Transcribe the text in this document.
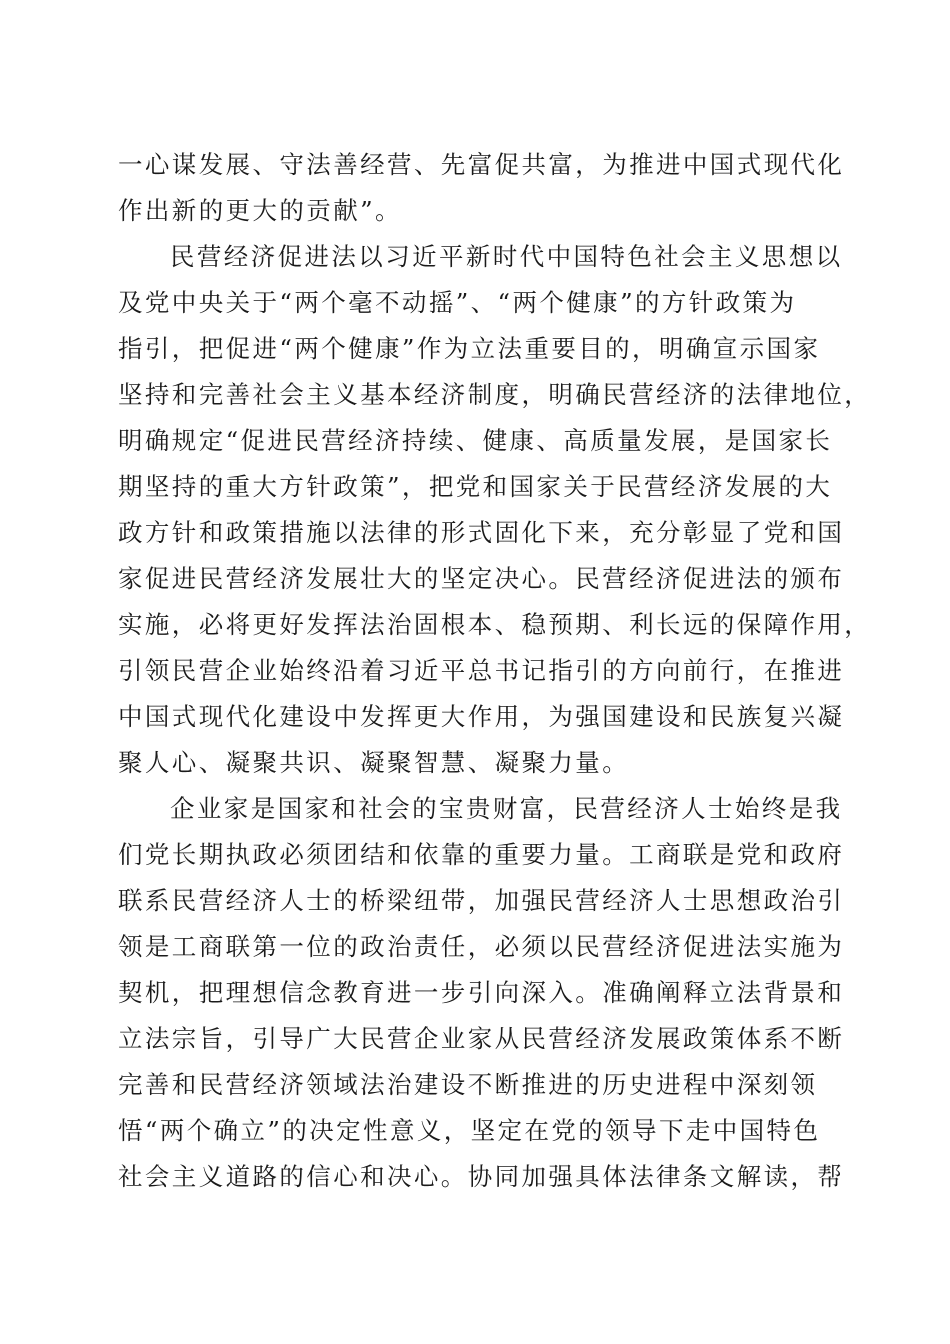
一心谋发展、守法善经营、先富促共富，为推进中国式现代化
作出新的更大的贡献”。
民营经济促进法以习近平新时代中国特色社会主义思想以
及党中央关于“两个毫不动摇”、“两个健康”的方针政策为
指引，把促进“两个健康”作为立法重要目的，明确宣示国家
坚持和完善社会主义基本经济制度，明确民营经济的法律地位，
明确规定“促进民营经济持续、健康、高质量发展，是国家长
期坚持的重大方针政策”，把党和国家关于民营经济发展的大
政方针和政策措施以法律的形式固化下来，充分彰显了党和国
家促进民营经济发展壮大的坚定决心。民营经济促进法的颁布
实施，必将更好发挥法治固根本、稳预期、利长远的保障作用，
引领民营企业始终沿着习近平总书记指引的方向前行，在推进
中国式现代化建设中发挥更大作用，为强国建设和民族复兴凝
聚人心、凝聚共识、凝聚智慧、凝聚力量。
企业家是国家和社会的宝贵财富，民营经济人士始终是我
们党长期执政必须团结和依靠的重要力量。工商联是党和政府
联系民营经济人士的桥梁纽带，加强民营经济人士思想政治引
领是工商联第一位的政治责任，必须以民营经济促进法实施为
契机，把理想信念教育进一步引向深入。准确阐释立法背景和
立法宗旨，引导广大民营企业家从民营经济发展政策体系不断
完善和民营经济领域法治建设不断推进的历史进程中深刻领
悟“两个确立”的决定性意义，坚定在党的领导下走中国特色
社会主义道路的信心和决心。协同加强具体法律条文解读，帮
